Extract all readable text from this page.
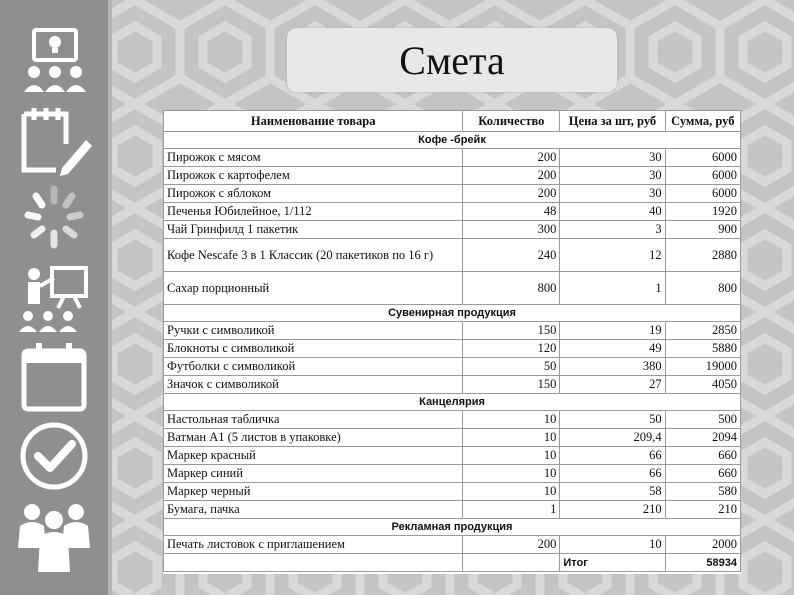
Смета
Наименование товара	Количество	Цена за шт, руб	Сумма, руб
Кофе -брейк			
Пирожок с мясом	200	30	6000
Пирожок с картофелем	200	30	6000
Пирожок с яблоком	200	30	6000
Печенья Юбилейное, 1/112	48	40	1920
Чай Гринфилд 1 пакетик	300	3	900
Кофе Nescafe 3 в 1 Классик (20 пакетиков по 16 г)	240	12	2880
Сахар порционный	800	1	800
Сувенирная продукция			
Ручки с символикой	150	19	2850
Блокноты с символикой	120	49	5880
Футболки с символикой	50	380	19000
Значок с символикой	150	27	4050
Канцелярия			
Настольная табличка	10	50	500
Ватман А1 (5 листов в упаковке)	10	209,4	2094
Маркер красный	10	66	660
Маркер синий	10	66	660
Маркер черный	10	58	580
Бумага, пачка	1	210	210
Рекламная продукция			
Печать листовок с приглашением	200	10	2000
		Итог	58934
